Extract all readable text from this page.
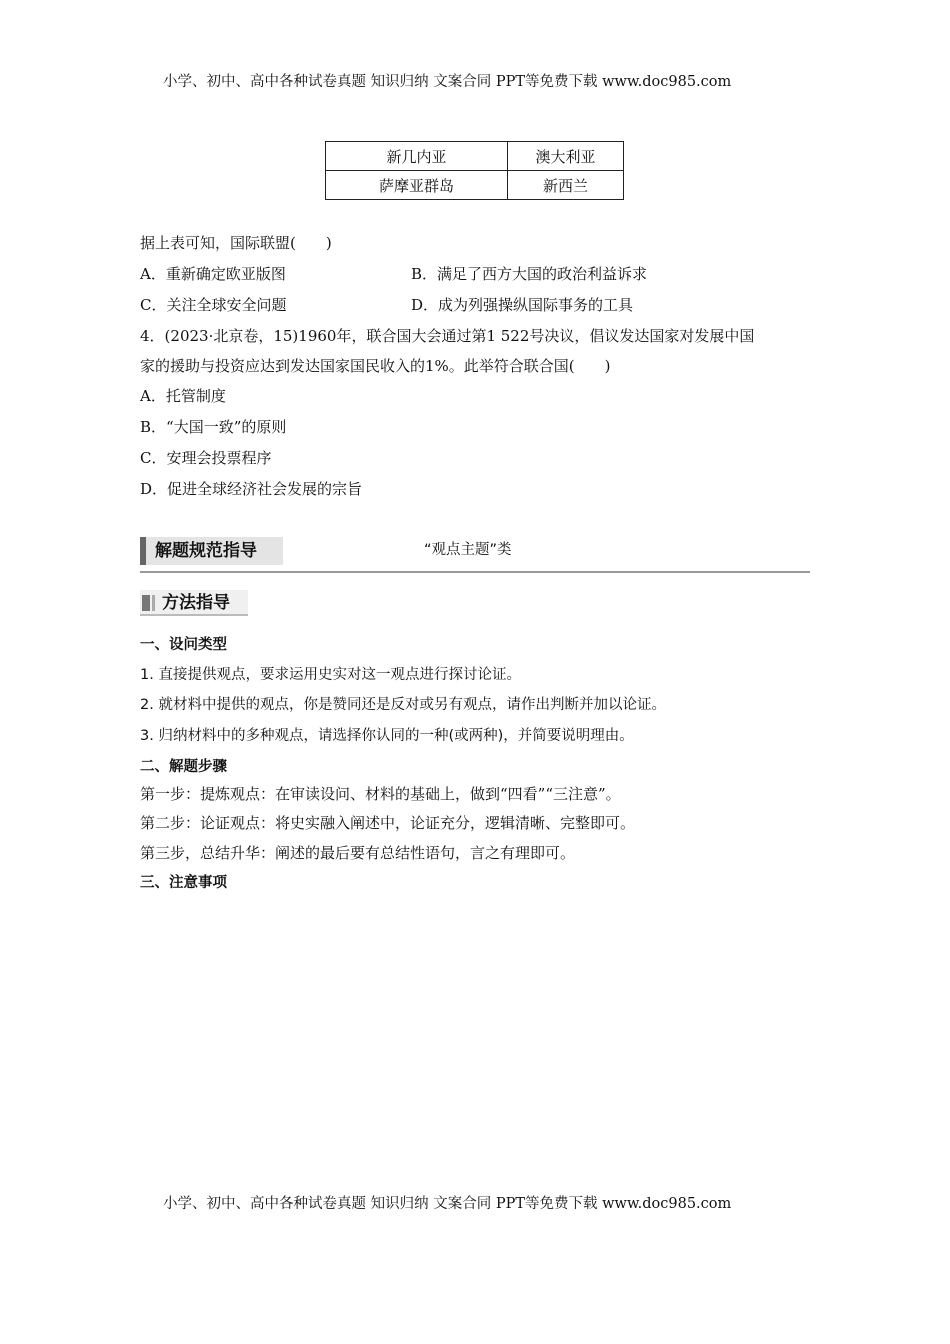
小学、初中、高中各种试卷真题 知识归纳 文案合同 PPT等免费下载 www.doc985.com
新几内亚	澳大利亚
萨摩亚群岛	新西兰
据上表可知，国际联盟(　　)
A．重新确定欧亚版图	B．满足了西方大国的政治利益诉求
C．关注全球安全问题	D．成为列强操纵国际事务的工具
4．(2023·北京卷，15)1960年，联合国大会通过第1 522号决议，倡议发达国家对发展中国
家的援助与投资应达到发达国家国民收入的1%。此举符合联合国(　　)
A．托管制度
B．“大国一致”的原则
C．安理会投票程序
D．促进全球经济社会发展的宗旨
解题规范指导	“观点主题”类
方法指导
一、设问类型
1. 直接提供观点，要求运用史实对这一观点进行探讨论证。
2. 就材料中提供的观点，你是赞同还是反对或另有观点，请作出判断并加以论证。
3. 归纳材料中的多种观点，请选择你认同的一种(或两种)，并简要说明理由。
二、解题步骤
第一步：提炼观点：在审读设问、材料的基础上，做到“四看”“三注意”。
第二步：论证观点：将史实融入阐述中，论证充分，逻辑清晰、完整即可。
第三步，总结升华：阐述的最后要有总结性语句，言之有理即可。
三、注意事项
小学、初中、高中各种试卷真题 知识归纳 文案合同 PPT等免费下载 www.doc985.com
